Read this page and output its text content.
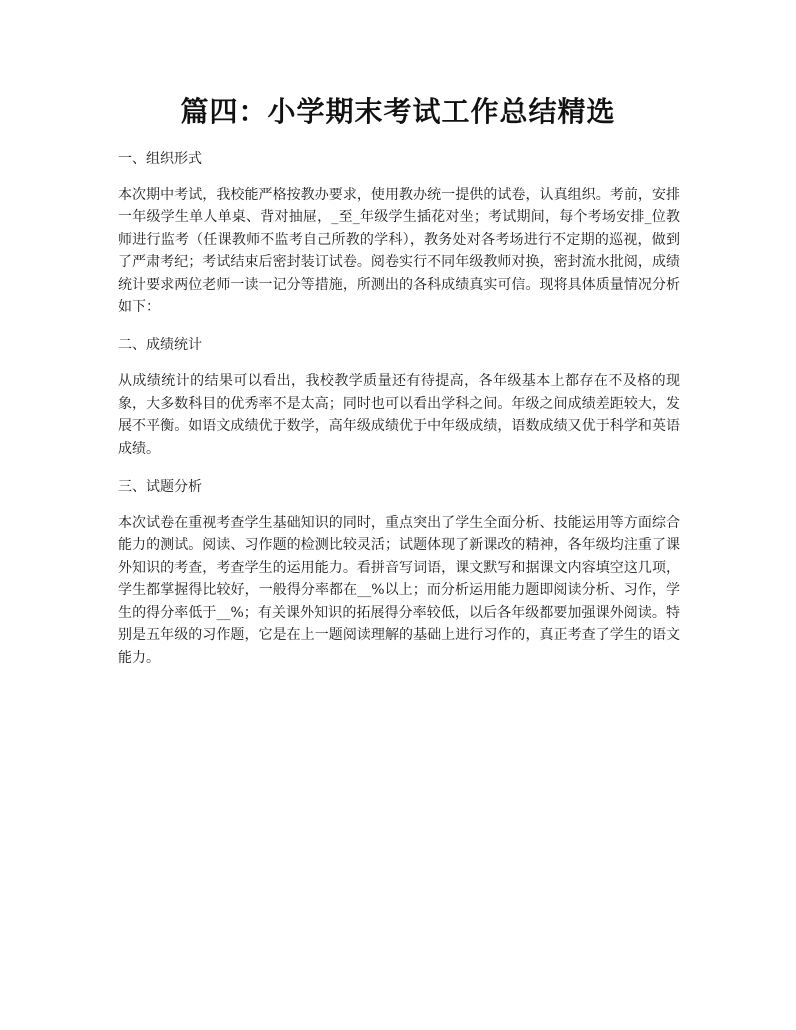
篇四：小学期末考试工作总结精选

一、组织形式

本次期中考试，我校能严格按教办要求，使用教办统一提供的试卷，认真组织。考前，安排一年级学生单人单桌、背对抽屉，_至_年级学生插花对坐；考试期间，每个考场安排_位教师进行监考（任课教师不监考自己所教的学科），教务处对各考场进行不定期的巡视，做到了严肃考纪；考试结束后密封装订试卷。阅卷实行不同年级教师对换，密封流水批阅，成绩统计要求两位老师一读一记分等措施，所测出的各科成绩真实可信。现将具体质量情况分析如下：

二、成绩统计

从成绩统计的结果可以看出，我校教学质量还有待提高，各年级基本上都存在不及格的现象，大多数科目的优秀率不是太高；同时也可以看出学科之间。年级之间成绩差距较大，发展不平衡。如语文成绩优于数学，高年级成绩优于中年级成绩，语数成绩又优于科学和英语成绩。

三、试题分析

本次试卷在重视考查学生基础知识的同时，重点突出了学生全面分析、技能运用等方面综合能力的测试。阅读、习作题的检测比较灵活；试题体现了新课改的精神，各年级均注重了课外知识的考查，考查学生的运用能力。看拼音写词语，课文默写和据课文内容填空这几项，学生都掌握得比较好，一般得分率都在__%以上；而分析运用能力题即阅读分析、习作，学生的得分率低于__%；有关课外知识的拓展得分率较低，以后各年级都要加强课外阅读。特别是五年级的习作题，它是在上一题阅读理解的基础上进行习作的，真正考查了学生的语文能力。
